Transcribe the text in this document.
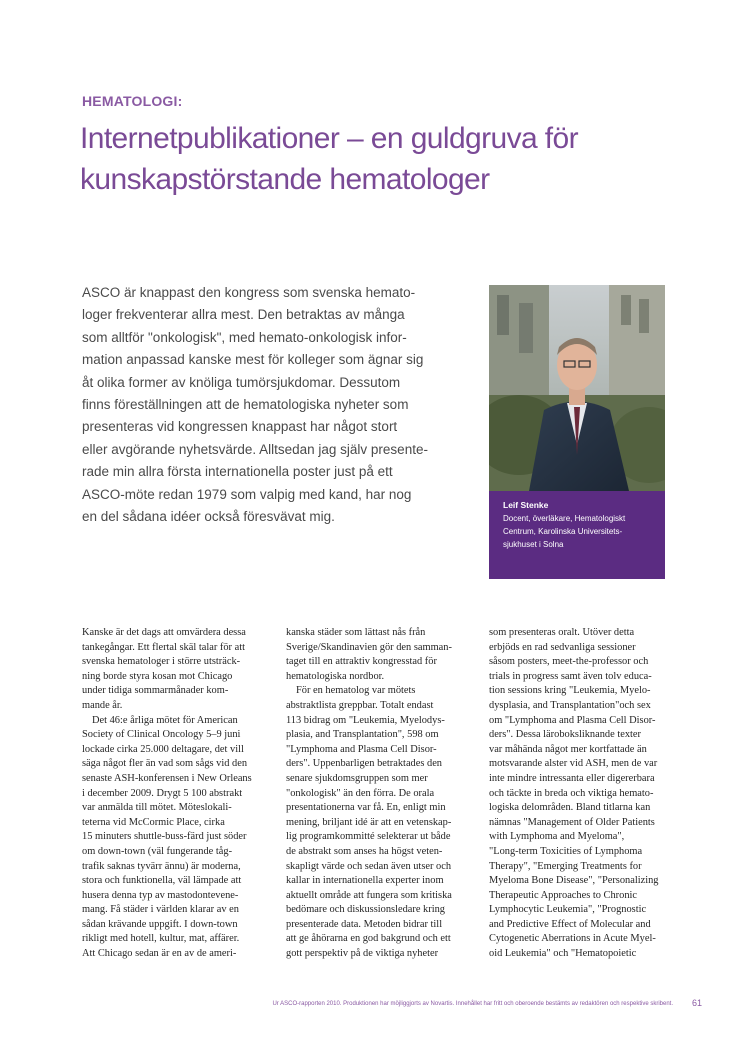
HEMATOLOGI:
Internetpublikationer – en guldgruva för
kunskapstörstande hematologer
ASCO är knappast den kongress som svenska hemato-
loger frekventerar allra mest. Den betraktas av många
som alltför "onkologisk", med hemato-onkologisk infor-
mation anpassad kanske mest för kolleger som ägnar sig
åt olika former av knöliga tumörsjukdomar. Dessutom
finns föreställningen att de hematologiska nyheter som
presenteras vid kongressen knappast har något stort
eller avgörande nyhetsvärde. Alltsedan jag själv presente-
rade min allra första internationella poster just på ett
ASCO-möte redan 1979 som valpig med kand, har nog
en del sådana idéer också föresvävat mig.
Leif Stenke
Docent, överläkare, Hematologiskt
Centrum, Karolinska Universitets-
sjukhuset i Solna
Kanske är det dags att omvärdera dessa
tankegångar. Ett flertal skäl talar för att
svenska hematologer i större utsträck-
ning borde styra kosan mot Chicago
under tidiga sommarmånader kom-
mande år.
Det 46:e årliga mötet för American
Society of Clinical Oncology 5–9 juni
lockade cirka 25.000 deltagare, det vill
säga något fler än vad som sågs vid den
senaste ASH-konferensen i New Orleans
i december 2009. Drygt 5 100 abstrakt
var anmälda till mötet. Möteslokali-
teterna vid McCormic Place, cirka
15 minuters shuttle-buss-färd just söder
om down-town (väl fungerande tåg-
trafik saknas tyvärr ännu) är moderna,
stora och funktionella, väl lämpade att
husera denna typ av mastodontevene-
mang. Få städer i världen klarar av en
sådan krävande uppgift. I down-town
rikligt med hotell, kultur, mat, affärer.
Att Chicago sedan är en av de ameri-
kanska städer som lättast nås från
Sverige/Skandinavien gör den samman-
taget till en attraktiv kongresstad för
hematologiska nordbor.
För en hematolog var mötets
abstraktlista greppbar. Totalt endast
113 bidrag om "Leukemia, Myelodys-
plasia, and Transplantation", 598 om
"Lymphoma and Plasma Cell Disor-
ders". Uppenbarligen betraktades den
senare sjukdomsgruppen som mer
"onkologisk" än den förra. De orala
presentationerna var få. En, enligt min
mening, briljant idé är att en vetenskap-
lig programkommitté selekterar ut både
de abstrakt som anses ha högst veten-
skapligt värde och sedan även utser och
kallar in internationella experter inom
aktuellt område att fungera som kritiska
bedömare och diskussionsledare kring
presenterade data. Metoden bidrar till
att ge åhörarna en god bakgrund och ett
gott perspektiv på de viktiga nyheter
som presenteras oralt. Utöver detta
erbjöds en rad sedvanliga sessioner
såsom posters, meet-the-professor och
trials in progress samt även tolv educa-
tion sessions kring "Leukemia, Myelo-
dysplasia, and Transplantation"och sex
om "Lymphoma and Plasma Cell Disor-
ders". Dessa läroboksliknande texter
var måhända något mer kortfattade än
motsvarande alster vid ASH, men de var
inte mindre intressanta eller digererbara
och täckte in breda och viktiga hemato-
logiska delområden. Bland titlarna kan
nämnas "Management of Older Patients
with Lymphoma and Myeloma",
"Long-term Toxicities of Lymphoma
Therapy", "Emerging Treatments for
Myeloma Bone Disease", "Personalizing
Therapeutic Approaches to Chronic
Lymphocytic Leukemia", "Prognostic
and Predictive Effect of Molecular and
Cytogenetic Aberrations in Acute Myel-
oid Leukemia" och "Hematopoietic
Ur ASCO-rapporten 2010. Produktionen har möjliggjorts av Novartis. Innehållet har fritt och oberoende bestämts av redaktören och respektive skribent. 61
